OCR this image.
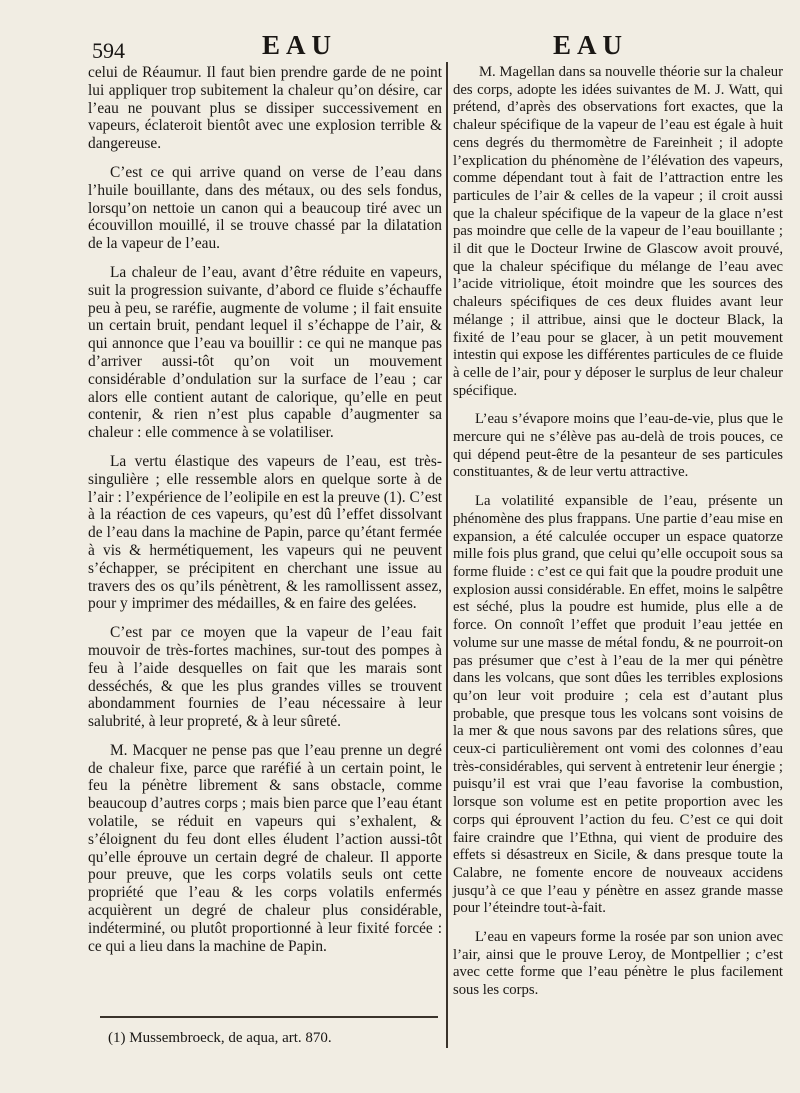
594	EAU	EAU

celui de Réaumur. Il faut bien prendre garde de ne point lui appliquer trop subitement la chaleur qu’on désire, car l’eau ne pouvant plus se dissiper successivement en vapeurs, éclateroit bientôt avec une explosion terrible & dangereuse.

C’est ce qui arrive quand on verse de l’eau dans l’huile bouillante, dans des métaux, ou des sels fondus, lorsqu’on nettoie un canon qui a beaucoup tiré avec un écouvillon mouillé, il se trouve chassé par la dilatation de la vapeur de l’eau.

La chaleur de l’eau, avant d’être réduite en vapeurs, suit la progression suivante, d’abord ce fluide s’échauffe peu à peu, se raréfie, augmente de volume ; il fait ensuite un certain bruit, pendant lequel il s’échappe de l’air, & qui annonce que l’eau va bouillir : ce qui ne manque pas d’arriver aussi-tôt qu’on voit un mouvement considérable d’ondulation sur la surface de l’eau ; car alors elle contient autant de calorique, qu’elle en peut contenir, & rien n’est plus capable d’augmenter sa chaleur : elle commence à se volatiliser.

La vertu élastique des vapeurs de l’eau, est très-singulière ; elle ressemble alors en quelque sorte à de l’air : l’expérience de l’eolipile en est la preuve (1). C’est à la réaction de ces vapeurs, qu’est dû l’effet dissolvant de l’eau dans la machine de Papin, parce qu’étant fermée à vis & hermétiquement, les vapeurs qui ne peuvent s’échapper, se précipitent en cherchant une issue au travers des os qu’ils pénètrent, & les ramollissent assez, pour y imprimer des médailles, & en faire des gelées.

C’est par ce moyen que la vapeur de l’eau fait mouvoir de très-fortes machines, sur-tout des pompes à feu à l’aide desquelles on fait que les marais sont desséchés, & que les plus grandes villes se trouvent abondamment fournies de l’eau nécessaire à leur salubrité, à leur propreté, & à leur sûreté.

M. Macquer ne pense pas que l’eau prenne un degré de chaleur fixe, parce que raréfié à un certain point, le feu la pénètre librement & sans obstacle, comme beaucoup d’autres corps ; mais bien parce que l’eau étant volatile, se réduit en vapeurs qui s’exhalent, & s’éloignent du feu dont elles éludent l’action aussi-tôt qu’elle éprouve un certain degré de chaleur. Il apporte pour preuve, que les corps volatils seuls ont cette propriété que l’eau & les corps volatils enfermés acquièrent un degré de chaleur plus considérable, indéterminé, ou plutôt proportionné à leur fixité forcée : ce qui a lieu dans la machine de Papin.

M. Magellan dans sa nouvelle théorie sur la chaleur des corps, adopte les idées suivantes de M. J. Watt, qui prétend, d’après des observations fort exactes, que la chaleur spécifique de la vapeur de l’eau est égale à huit cens degrés du thermomètre de Fareinheit ; il adopte l’explication du phénomène de l’élévation des vapeurs, comme dépendant tout à fait de l’attraction entre les particules de l’air & celles de la vapeur ; il croit aussi que la chaleur spécifique de la vapeur de la glace n’est pas moindre que celle de la vapeur de l’eau bouillante ; il dit que le Docteur Irwine de Glascow avoit prouvé, que la chaleur spécifique du mélange de l’eau avec l’acide vitriolique, étoit moindre que les sources des chaleurs spécifiques de ces deux fluides avant leur mélange ; il attribue, ainsi que le docteur Black, la fixité de l’eau pour se glacer, à un petit mouvement intestin qui expose les différentes particules de ce fluide à celle de l’air, pour y déposer le surplus de leur chaleur spécifique.

L’eau s’évapore moins que l’eau-de-vie, plus que le mercure qui ne s’élève pas au-delà de trois pouces, ce qui dépend peut-être de la pesanteur de ses particules constituantes, & de leur vertu attractive.

La volatilité expansible de l’eau, présente un phénomène des plus frappans. Une partie d’eau mise en expansion, a été calculée occuper un espace quatorze mille fois plus grand, que celui qu’elle occupoit sous sa forme fluide : c’est ce qui fait que la poudre produit une explosion aussi considérable. En effet, moins le salpêtre est séché, plus la poudre est humide, plus elle a de force. On connoît l’effet que produit l’eau jettée en volume sur une masse de métal fondu, & ne pourroit-on pas présumer que c’est à l’eau de la mer qui pénètre dans les volcans, que sont dûes les terribles explosions qu’on leur voit produire ; cela est d’autant plus probable, que presque tous les volcans sont voisins de la mer & que nous savons par des relations sûres, que ceux-ci particulièrement ont vomi des colonnes d’eau très-considérables, qui servent à entretenir leur énergie ; puisqu’il est vrai que l’eau favorise la combustion, lorsque son volume est en petite proportion avec les corps qui éprouvent l’action du feu. C’est ce qui doit faire craindre que l’Ethna, qui vient de produire des effets si désastreux en Sicile, & dans presque toute la Calabre, ne fomente encore de nouveaux accidens jusqu’à ce que l’eau y pénètre en assez grande masse pour l’éteindre tout-à-fait.

L’eau en vapeurs forme la rosée par son union avec l’air, ainsi que le prouve Leroy, de Montpellier ; c’est avec cette forme que l’eau pénètre le plus facilement sous les corps.

(1) Mussembroeck, de aqua, art. 870.
